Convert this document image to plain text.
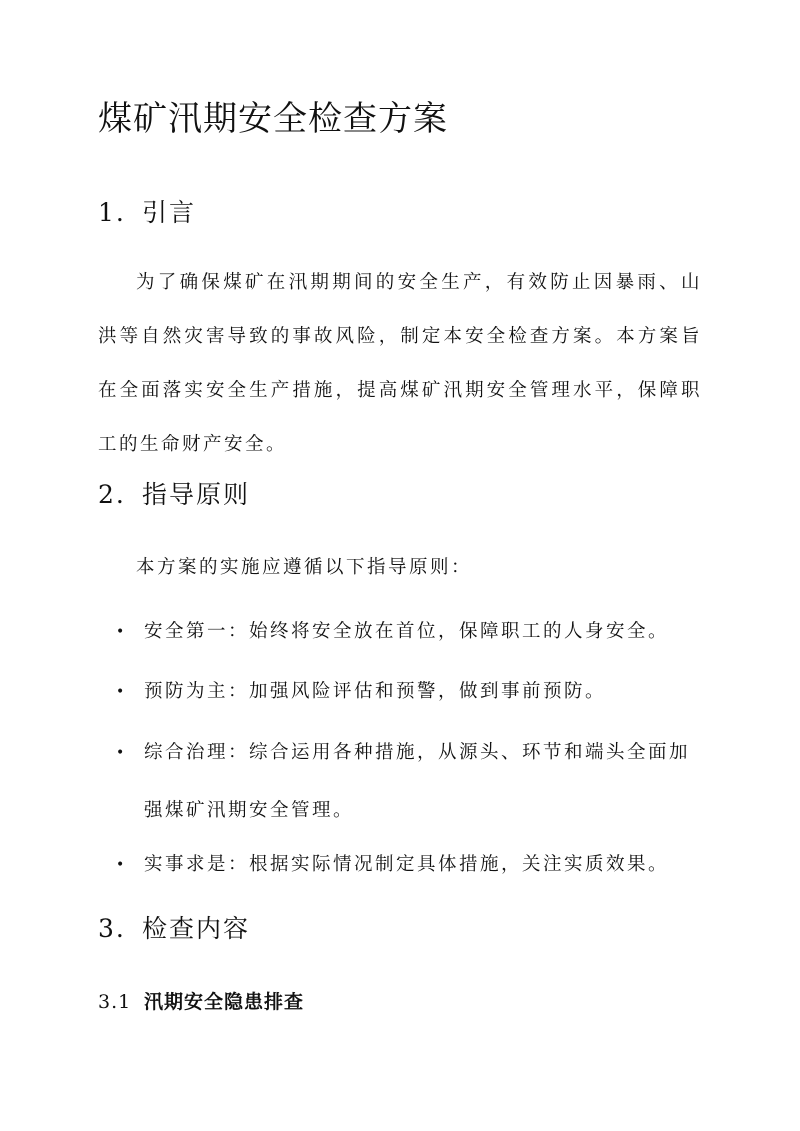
煤矿汛期安全检查方案
1. 引言

为了确保煤矿在汛期期间的安全生产，有效防止因暴雨、山洪等自然灾害导致的事故风险，制定本安全检查方案。本方案旨在全面落实安全生产措施，提高煤矿汛期安全管理水平，保障职工的生命财产安全。

2. 指导原则

本方案的实施应遵循以下指导原则：

• 安全第一：始终将安全放在首位，保障职工的人身安全。
• 预防为主：加强风险评估和预警，做到事前预防。
• 综合治理：综合运用各种措施，从源头、环节和端头全面加强煤矿汛期安全管理。
• 实事求是：根据实际情况制定具体措施，关注实质效果。
3. 检查内容
3.1 汛期安全隐患排查
